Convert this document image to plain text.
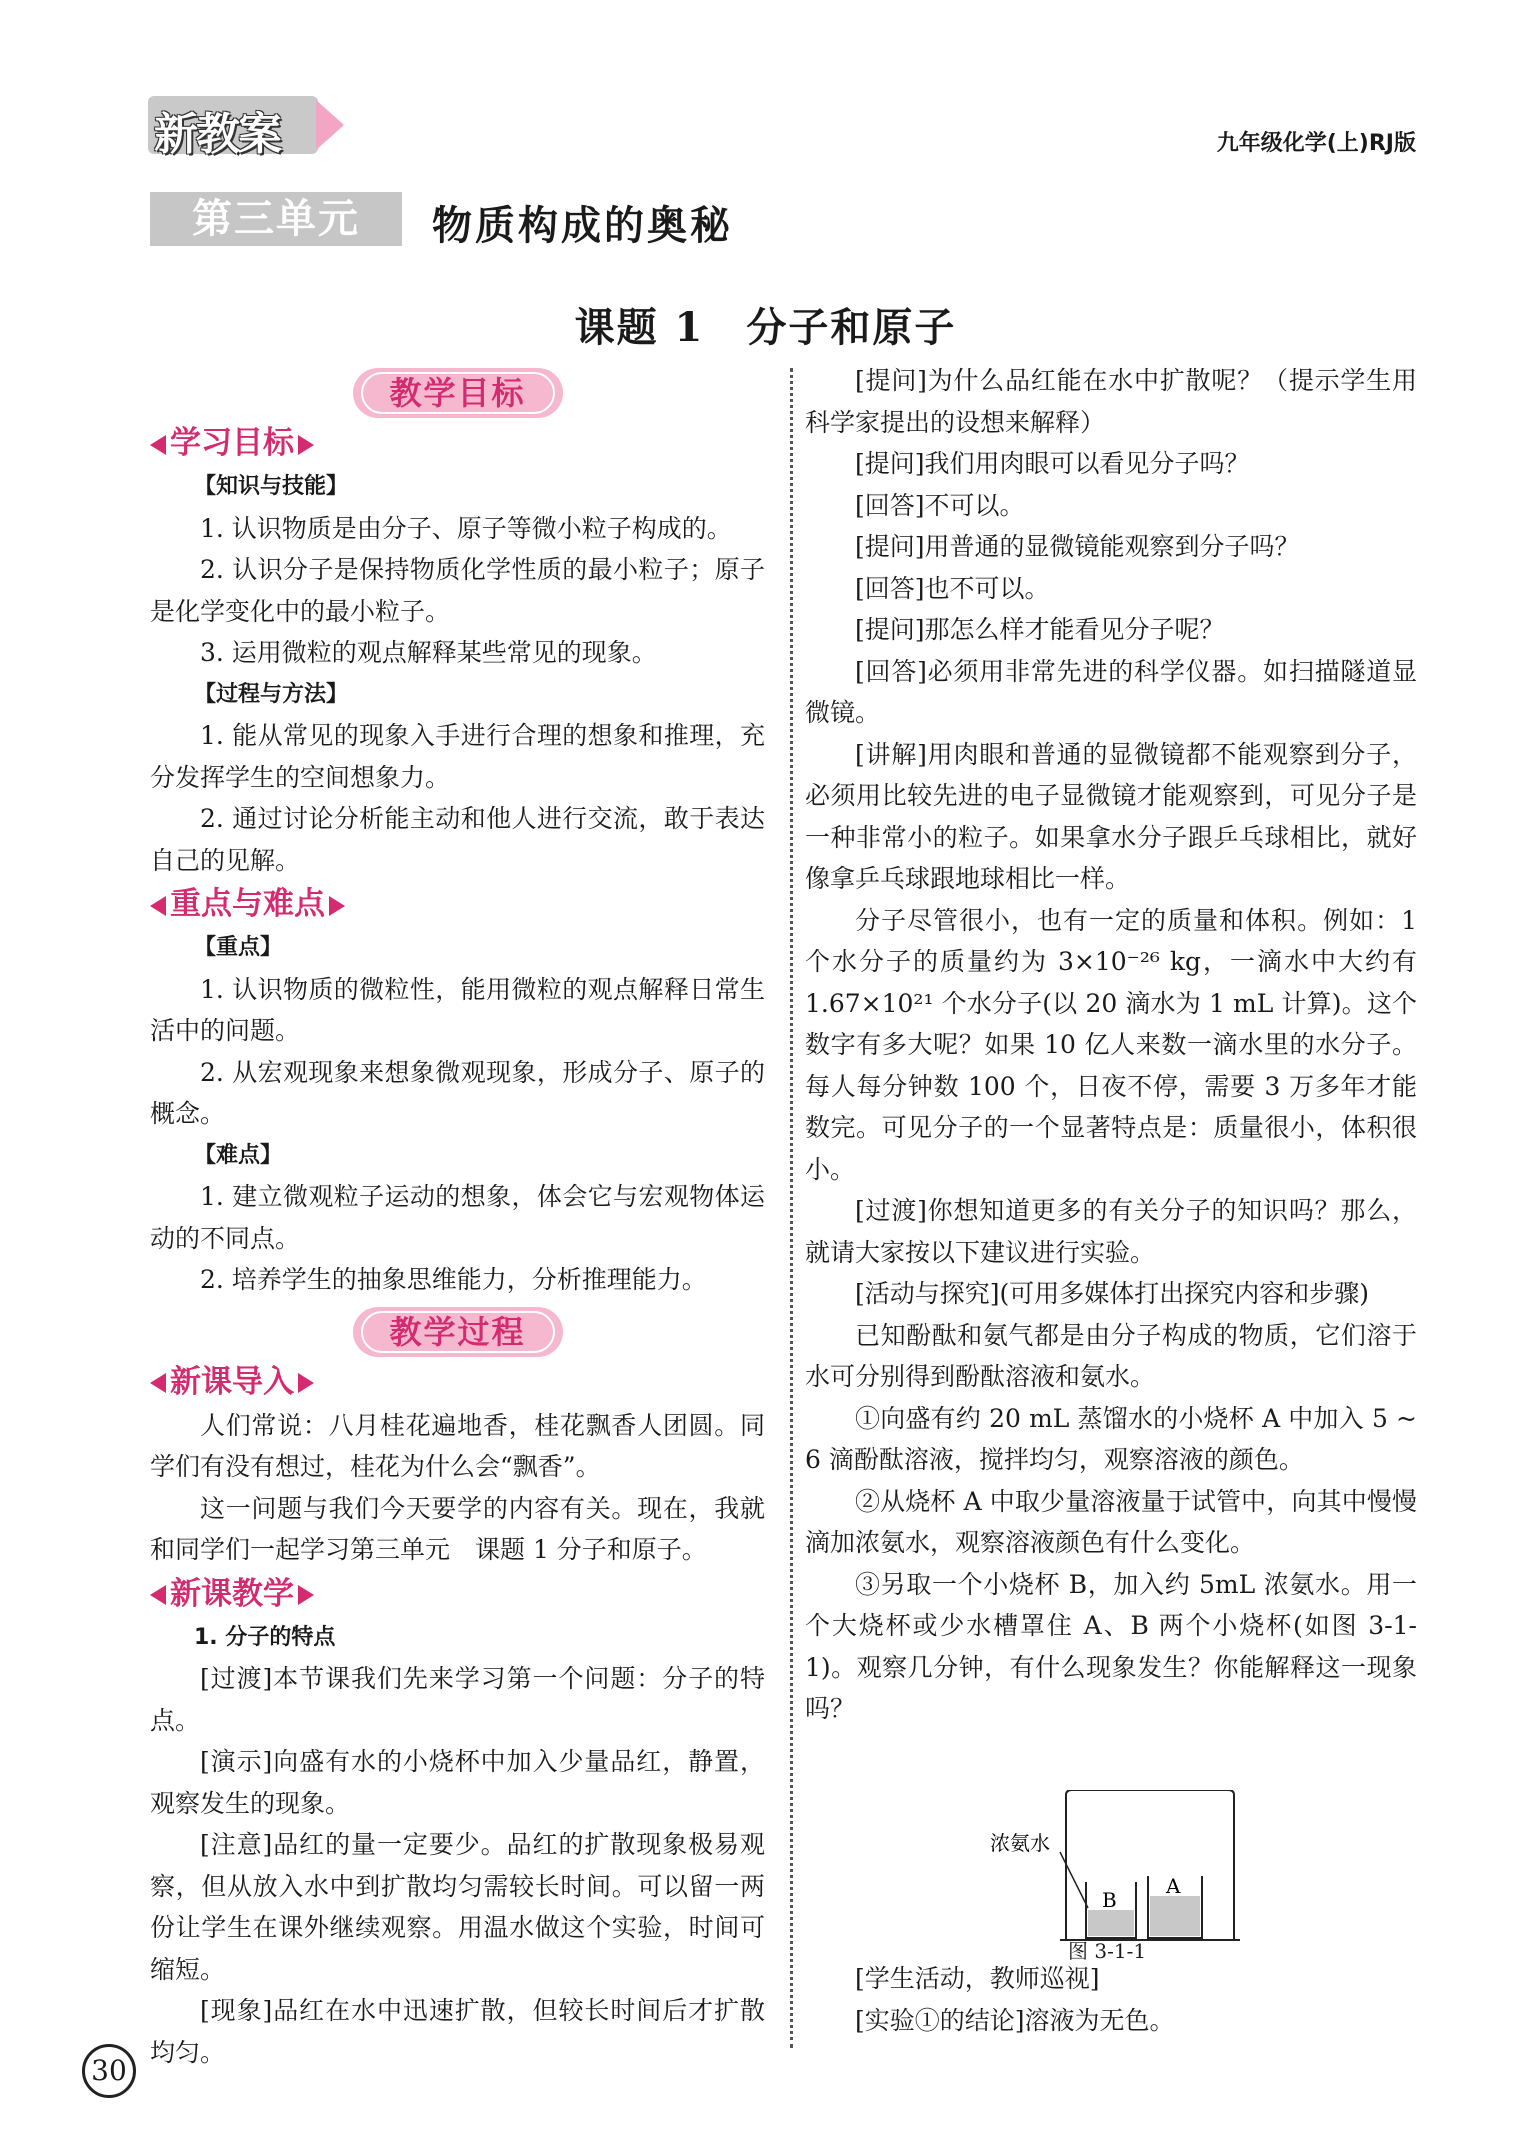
新教案	九年级化学(上)RJ版
第三单元	物质构成的奥秘
课题 1　分子和原子
教学目标
学习目标

【知识与技能】

1. 认识物质是由分子、原子等微小粒子构成的。

2. 认识分子是保持物质化学性质的最小粒子；原子是化学变化中的最小粒子。

3. 运用微粒的观点解释某些常见的现象。

【过程与方法】

1. 能从常见的现象入手进行合理的想象和推理，充分发挥学生的空间想象力。

2. 通过讨论分析能主动和他人进行交流，敢于表达自己的见解。

重点与难点

【重点】

1. 认识物质的微粒性，能用微粒的观点解释日常生活中的问题。

2. 从宏观现象来想象微观现象，形成分子、原子的概念。

【难点】

1. 建立微观粒子运动的想象，体会它与宏观物体运动的不同点。

2. 培养学生的抽象思维能力，分析推理能力。

教学过程
新课导入

人们常说：八月桂花遍地香，桂花飘香人团圆。同学们有没有想过，桂花为什么会“飘香”。

这一问题与我们今天要学的内容有关。现在，我就和同学们一起学习第三单元　课题 1 分子和原子。

新课教学

1. 分子的特点

[过渡]本节课我们先来学习第一个问题：分子的特点。

[演示]向盛有水的小烧杯中加入少量品红，静置，观察发生的现象。

[注意]品红的量一定要少。品红的扩散现象极易观察，但从放入水中到扩散均匀需较长时间。可以留一两份让学生在课外继续观察。用温水做这个实验，时间可缩短。

[现象]品红在水中迅速扩散，但较长时间后才扩散均匀。

[提问]为什么品红能在水中扩散呢？（提示学生用科学家提出的设想来解释）

[提问]我们用肉眼可以看见分子吗？

[回答]不可以。

[提问]用普通的显微镜能观察到分子吗？

[回答]也不可以。

[提问]那怎么样才能看见分子呢？

[回答]必须用非常先进的科学仪器。如扫描隧道显微镜。

[讲解]用肉眼和普通的显微镜都不能观察到分子，必须用比较先进的电子显微镜才能观察到，可见分子是一种非常小的粒子。如果拿水分子跟乒乓球相比，就好像拿乒乓球跟地球相比一样。

分子尽管很小，也有一定的质量和体积。例如：1 个水分子的质量约为 3×10⁻²⁶ kg，一滴水中大约有 1.67×10²¹ 个水分子(以 20 滴水为 1 mL 计算)。这个数字有多大呢？如果 10 亿人来数一滴水里的水分子。每人每分钟数 100 个，日夜不停，需要 3 万多年才能数完。可见分子的一个显著特点是：质量很小，体积很小。

[过渡]你想知道更多的有关分子的知识吗？那么，就请大家按以下建议进行实验。

[活动与探究](可用多媒体打出探究内容和步骤)

已知酚酞和氨气都是由分子构成的物质，它们溶于水可分别得到酚酞溶液和氨水。

①向盛有约 20 mL 蒸馏水的小烧杯 A 中加入 5 ~ 6 滴酚酞溶液，搅拌均匀，观察溶液的颜色。

②从烧杯 A 中取少量溶液量于试管中，向其中慢慢滴加浓氨水，观察溶液颜色有什么变化。

③另取一个小烧杯 B，加入约 5mL 浓氨水。用一个大烧杯或少水槽罩住 A、B 两个小烧杯(如图 3-1-1)。观察几分钟，有什么现象发生？你能解释这一现象吗？

浓氨水
B
A
图 3-1-1

[学生活动，教师巡视]

[实验①的结论]溶液为无色。

30
